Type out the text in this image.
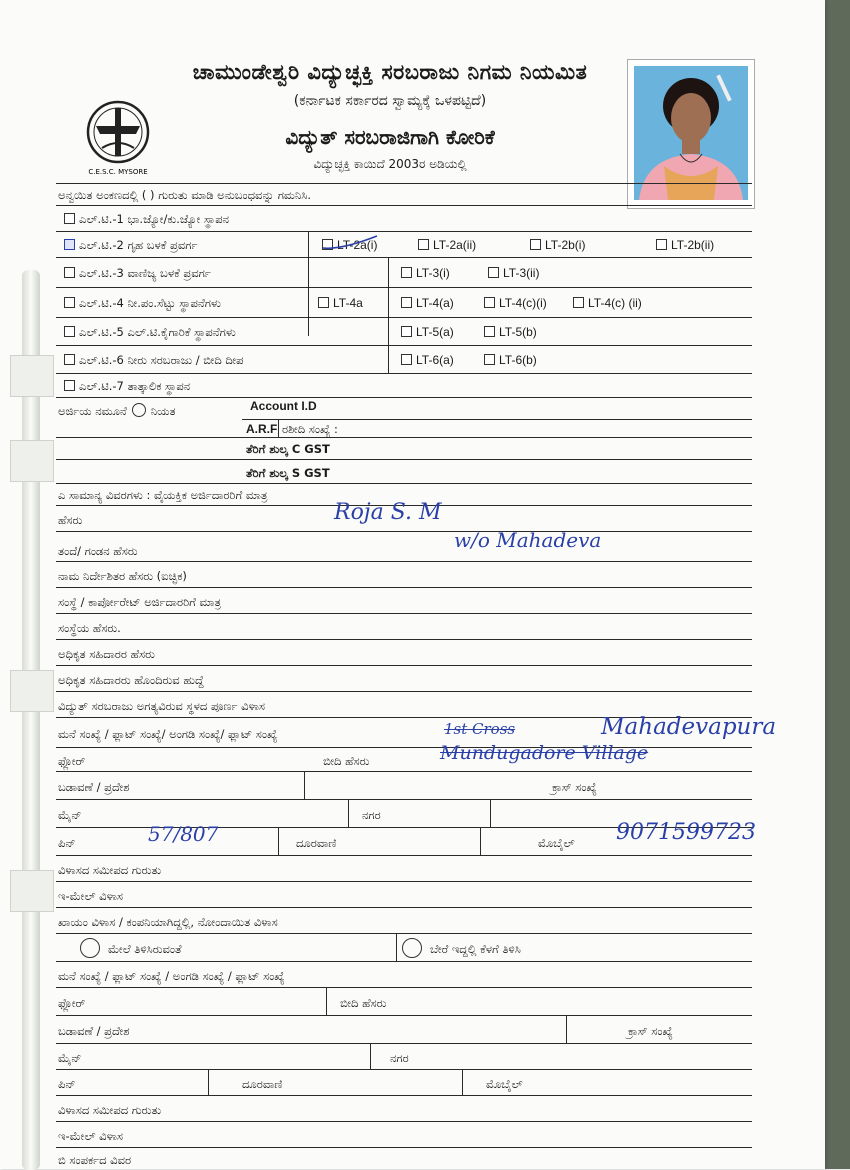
C.E.S.C. MYSORE
ಚಾಮುಂಡೇಶ್ವರಿ ವಿದ್ಯುಚ್ಛಕ್ತಿ ಸರಬರಾಜು ನಿಗಮ ನಿಯಮಿತ
(ಕರ್ನಾಟಕ ಸರ್ಕಾರದ ಸ್ವಾಮ್ಯಕ್ಕೆ ಒಳಪಟ್ಟಿದೆ)
ವಿದ್ಯುತ್ ಸರಬರಾಜಿಗಾಗಿ ಕೋರಿಕೆ
ವಿದ್ಯುಚ್ಛಕ್ತಿ ಕಾಯಿದೆ 2003ರ ಅಡಿಯಲ್ಲಿ
ಅನ್ವಯಿತ ಅಂಕಣದಲ್ಲಿ ( ) ಗುರುತು ಮಾಡಿ ಅನುಬಂಧವನ್ನು ಗಮನಿಸಿ.
ಎಲ್.ಟಿ.-1 ಭಾ.ಜ್ಯೋ/ಕು.ಜ್ಯೋ ಸ್ಥಾಪನ
ಎಲ್.ಟಿ.-2 ಗೃಹ ಬಳಕೆ ಪ್ರವರ್ಗ	LT-2a(i)	LT-2a(ii)	LT-2b(i)	LT-2b(ii)
ಎಲ್.ಟಿ.-3 ವಾಣಿಜ್ಯ ಬಳಕೆ ಪ್ರವರ್ಗ	LT-3(i)	LT-3(ii)
ಎಲ್.ಟಿ.-4 ನೀ.ಪಂ.ಸೆಟ್ಟು ಸ್ಥಾಪನೆಗಳು	LT-4a	LT-4(a)	LT-4(c)(i)	LT-4(c) (ii)
ಎಲ್.ಟಿ.-5 ಎಲ್.ಟಿ.ಕೈಗಾರಿಕೆ ಸ್ಥಾಪನೆಗಳು	LT-5(a)	LT-5(b)
ಎಲ್.ಟಿ.-6 ನೀರು ಸರಬರಾಜು / ಬೀದಿ ದೀಪ	LT-6(a)	LT-6(b)
ಎಲ್.ಟಿ.-7 ತಾತ್ಕಾಲಿಕ ಸ್ಥಾಪನ
ಅರ್ಜಿಯ ನಮೂನೆ ನಿಯತ	Account I.D
A.R.F ರಶೀದಿ ಸಂಖ್ಯೆ :
ತೆರಿಗೆ ಶುಲ್ಕ C GST
ತೆರಿಗೆ ಶುಲ್ಕ S GST
ಎ ಸಾಮಾನ್ಯ ವಿವರಗಳು : ವೈಯಕ್ತಿಕ ಅರ್ಜಿದಾರರಿಗೆ ಮಾತ್ರ
ಹೆಸರು	Roja S. M
ತಂದೆ/ ಗಂಡನ ಹೆಸರು	w/o Mahadeva
ನಾಮ ನಿರ್ದೇಶಿತರ ಹೆಸರು (ಐಚ್ಛಿಕ)
ಸಂಸ್ಥೆ / ಕಾರ್ಪೋರೇಟ್ ಅರ್ಜಿದಾರರಿಗೆ ಮಾತ್ರ
ಸಂಸ್ಥೆಯ ಹೆಸರು.
ಅಧಿಕೃತ ಸಹಿದಾರರ ಹೆಸರು
ಅಧಿಕೃತ ಸಹಿದಾರರು ಹೊಂದಿರುವ ಹುದ್ದೆ
ವಿದ್ಯುತ್ ಸರಬರಾಜು ಅಗತ್ಯವಿರುವ ಸ್ಥಳದ ಪೂರ್ಣ ವಿಳಾಸ
ಮನೆ ಸಂಖ್ಯೆ / ಫ್ಲಾಟ್ ಸಂಖ್ಯೆ/ ಅಂಗಡಿ ಸಂಖ್ಯೆ/ ಫ್ಲಾಟ್ ಸಂಖ್ಯೆ	1st Cross	Mahadevapura
ಫ್ಲೋರ್	ಬೀದಿ ಹೆಸರು	Mundugadore Village
ಬಡಾವಣೆ / ಪ್ರದೇಶ	ಕ್ರಾಸ್ ಸಂಖ್ಯೆ
ಮೈನ್	ನಗರ
ಪಿನ್	57/807	ದೂರವಾಣಿ	ಮೊಬೈಲ್ 9071599723
ವಿಳಾಸದ ಸಮೀಪದ ಗುರುತು
ಇ-ಮೇಲ್ ವಿಳಾಸ
ಖಾಯಂ ವಿಳಾಸ / ಕಂಪನಿಯಾಗಿದ್ದಲ್ಲಿ, ನೋಂದಾಯಿತ ವಿಳಾಸ
ಮೇಲೆ ತಿಳಿಸಿರುವಂತೆ	ಬೇರೆ ಇದ್ದಲ್ಲಿ ಕೆಳಗೆ ತಿಳಿಸಿ
ಮನೆ ಸಂಖ್ಯೆ / ಫ್ಲಾಟ್ ಸಂಖ್ಯೆ / ಅಂಗಡಿ ಸಂಖ್ಯೆ / ಫ್ಲಾಟ್ ಸಂಖ್ಯೆ
ಫ್ಲೋರ್	ಬೀದಿ ಹೆಸರು
ಬಡಾವಣೆ / ಪ್ರದೇಶ	ಕ್ರಾಸ್ ಸಂಖ್ಯೆ
ಮೈನ್	ನಗರ
ಪಿನ್	ದೂರವಾಣಿ	ಮೊಬೈಲ್
ವಿಳಾಸದ ಸಮೀಪದ ಗುರುತು
ಇ-ಮೇಲ್ ವಿಳಾಸ
ಬಿ ಸಂಪರ್ಕದ ವಿವರ
